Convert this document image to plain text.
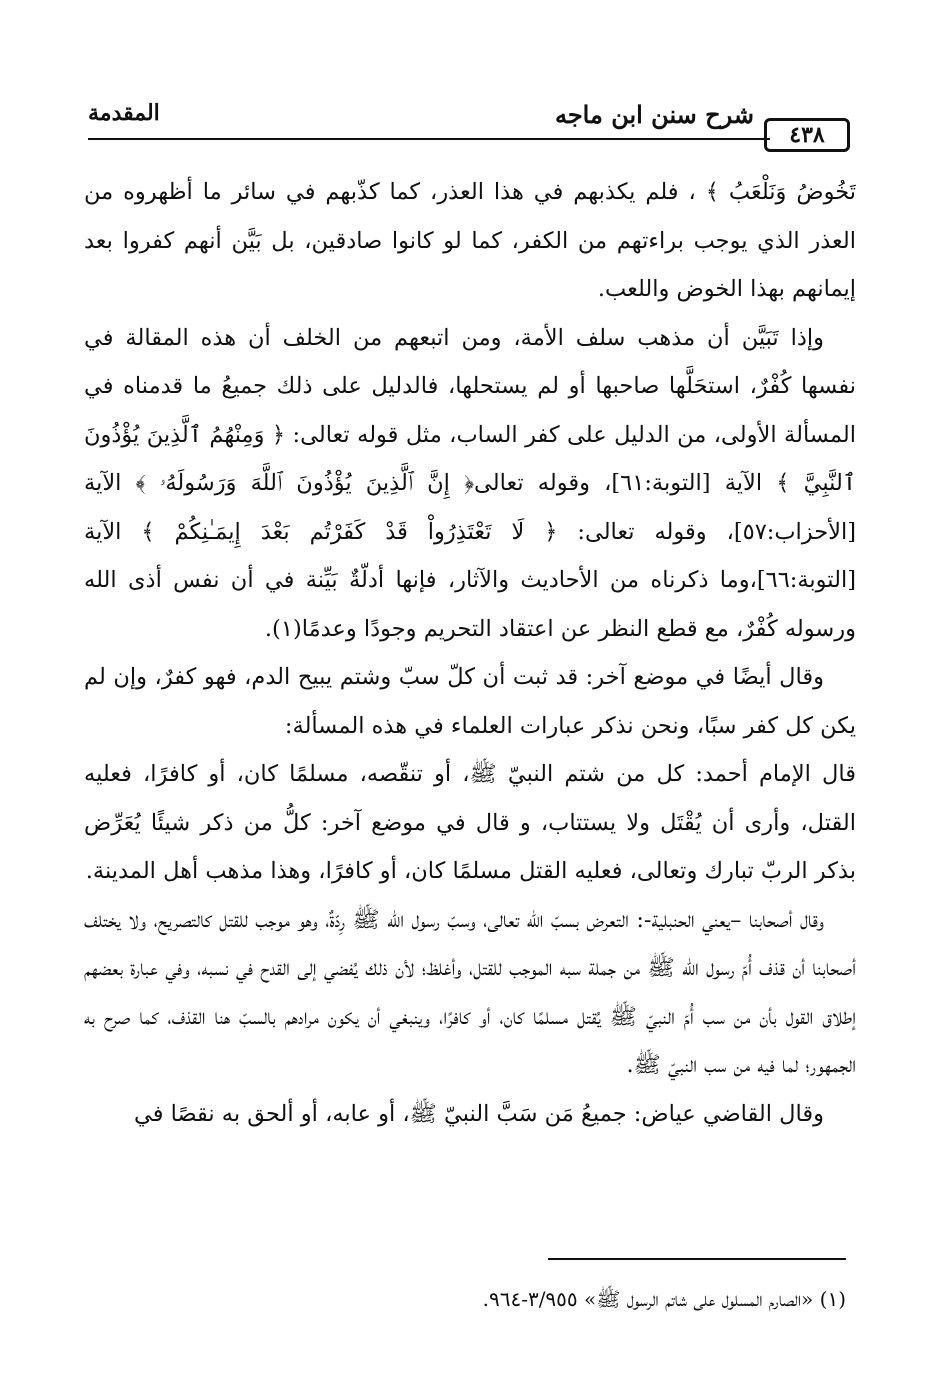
٤٣٨
شرح سنن ابن ماجه
المقدمة

تَخُوضُ وَنَلْعَبُ ﴾ ، فلم يكذبهم في هذا العذر، كما كذّبهم في سائر ما أظهروه من العذر الذي يوجب براءتهم من الكفر، كما لو كانوا صادقين، بل بَيَّن أنهم كفروا بعد إيمانهم بهذا الخوض واللعب.

وإذا تَبَيَّن أن مذهب سلف الأمة، ومن اتبعهم من الخلف أن هذه المقالة في نفسها كُفْرٌ، استحَلَّها صاحبها أو لم يستحلها، فالدليل على ذلك جميعُ ما قدمناه في المسألة الأولى، من الدليل على كفر الساب، مثل قوله تعالى: ﴿ وَمِنْهُمُ ٱلَّذِينَ يُؤْذُونَ ٱلنَّبِيَّ ﴾ الآية [التوبة:٦١]، وقوله تعالى﴿ إِنَّ ٱلَّذِينَ يُؤْذُونَ ٱللَّهَ وَرَسُولَهُۥ ﴾ الآية [الأحزاب:٥٧]، وقوله تعالى: ﴿ لَا تَعْتَذِرُواْ قَدْ كَفَرْتُم بَعْدَ إِيمَـٰنِكُمْ ﴾ الآية [التوبة:٦٦]،وما ذكرناه من الأحاديث والآثار، فإنها أدلّةٌ بَيِّنة في أن نفس أذى الله ورسوله كُفْرٌ، مع قطع النظر عن اعتقاد التحريم وجودًا وعدمًا(١).

وقال أيضًا في موضع آخر: قد ثبت أن كلّ سبّ وشتم يبيح الدم، فهو كفرٌ، وإن لم يكن كل كفر سبًا، ونحن نذكر عبارات العلماء في هذه المسألة:

قال الإمام أحمد: كل من شتم النبيّ ﷺ، أو تنقّصه، مسلمًا كان، أو كافرًا، فعليه القتل، وأرى أن يُقْتَل ولا يستتاب، و قال في موضع آخر: كلُّ من ذكر شيئًا يُعَرِّض بذكر الربّ تبارك وتعالى، فعليه القتل مسلمًا كان، أو كافرًا، وهذا مذهب أهل المدينة.

وقال أصحابنا –يعني الحنبلية-: التعرض بسبّ الله تعالى، وسبّ رسول الله ﷺ رِدّةٌ، وهو موجب للقتل كالتصريح، ولا يختلف أصحابنا أن قذف أُمّ رسول الله ﷺ من جملة سبه الموجب للقتل، وأغلظ؛ لأن ذلك يُفضي إلى القدح في نسبه، وفي عبارة بعضهم إطلاق القول بأن من سب أُمّ النبيّ ﷺ يُقتل مسلمًا كان، أو كافرًا، وينبغي أن يكون مرادهم بالسبّ هنا القذف، كما صرح به الجمهور؛ لما فيه من سب النبيّ ﷺ.

وقال القاضي عياض: جميعُ مَن سَبَّ النبيّ ﷺ، أو عابه، أو ألحق به نقصًا في

(١) «الصارم المسلول على شاتم الرسول ﷺ» ٣/٩٥٥-٩٦٤.
